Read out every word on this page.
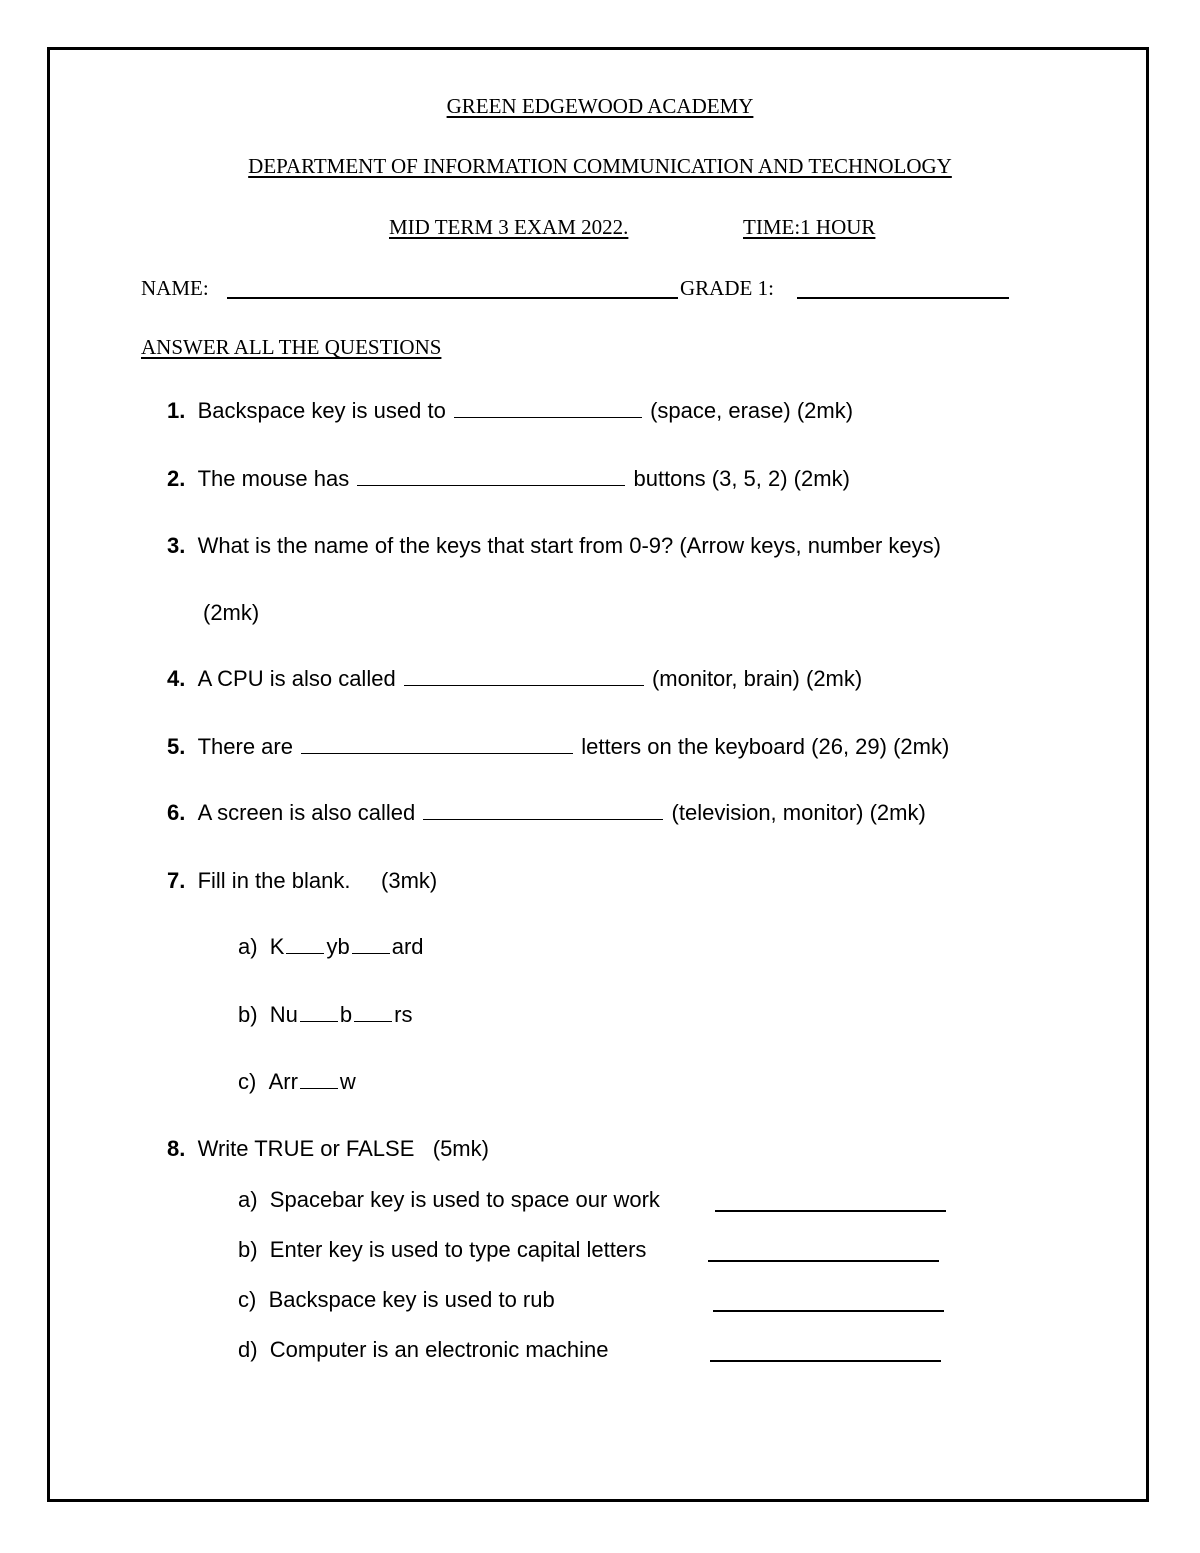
GREEN EDGEWOOD ACADEMY
DEPARTMENT OF INFORMATION COMMUNICATION AND TECHNOLOGY
MID TERM 3 EXAM 2022.	TIME:1 HOUR
NAME:	GRADE 1:
ANSWER ALL THE QUESTIONS
1. Backspace key is used to	(space, erase) (2mk)
2. The mouse has	buttons (3, 5, 2) (2mk)
3. What is the name of the keys that start from 0-9? (Arrow keys, number keys)
(2mk)
4. A CPU is also called	(monitor, brain) (2mk)
5. There are	letters on the keyboard (26, 29) (2mk)
6. A screen is also called	(television, monitor) (2mk)
7. Fill in the blank. (3mk)
a) K yb ard
b) Nu b rs
c) Arr w
8. Write TRUE or FALSE (5mk)
a) Spacebar key is used to space our work
b) Enter key is used to type capital letters
c) Backspace key is used to rub
d) Computer is an electronic machine
